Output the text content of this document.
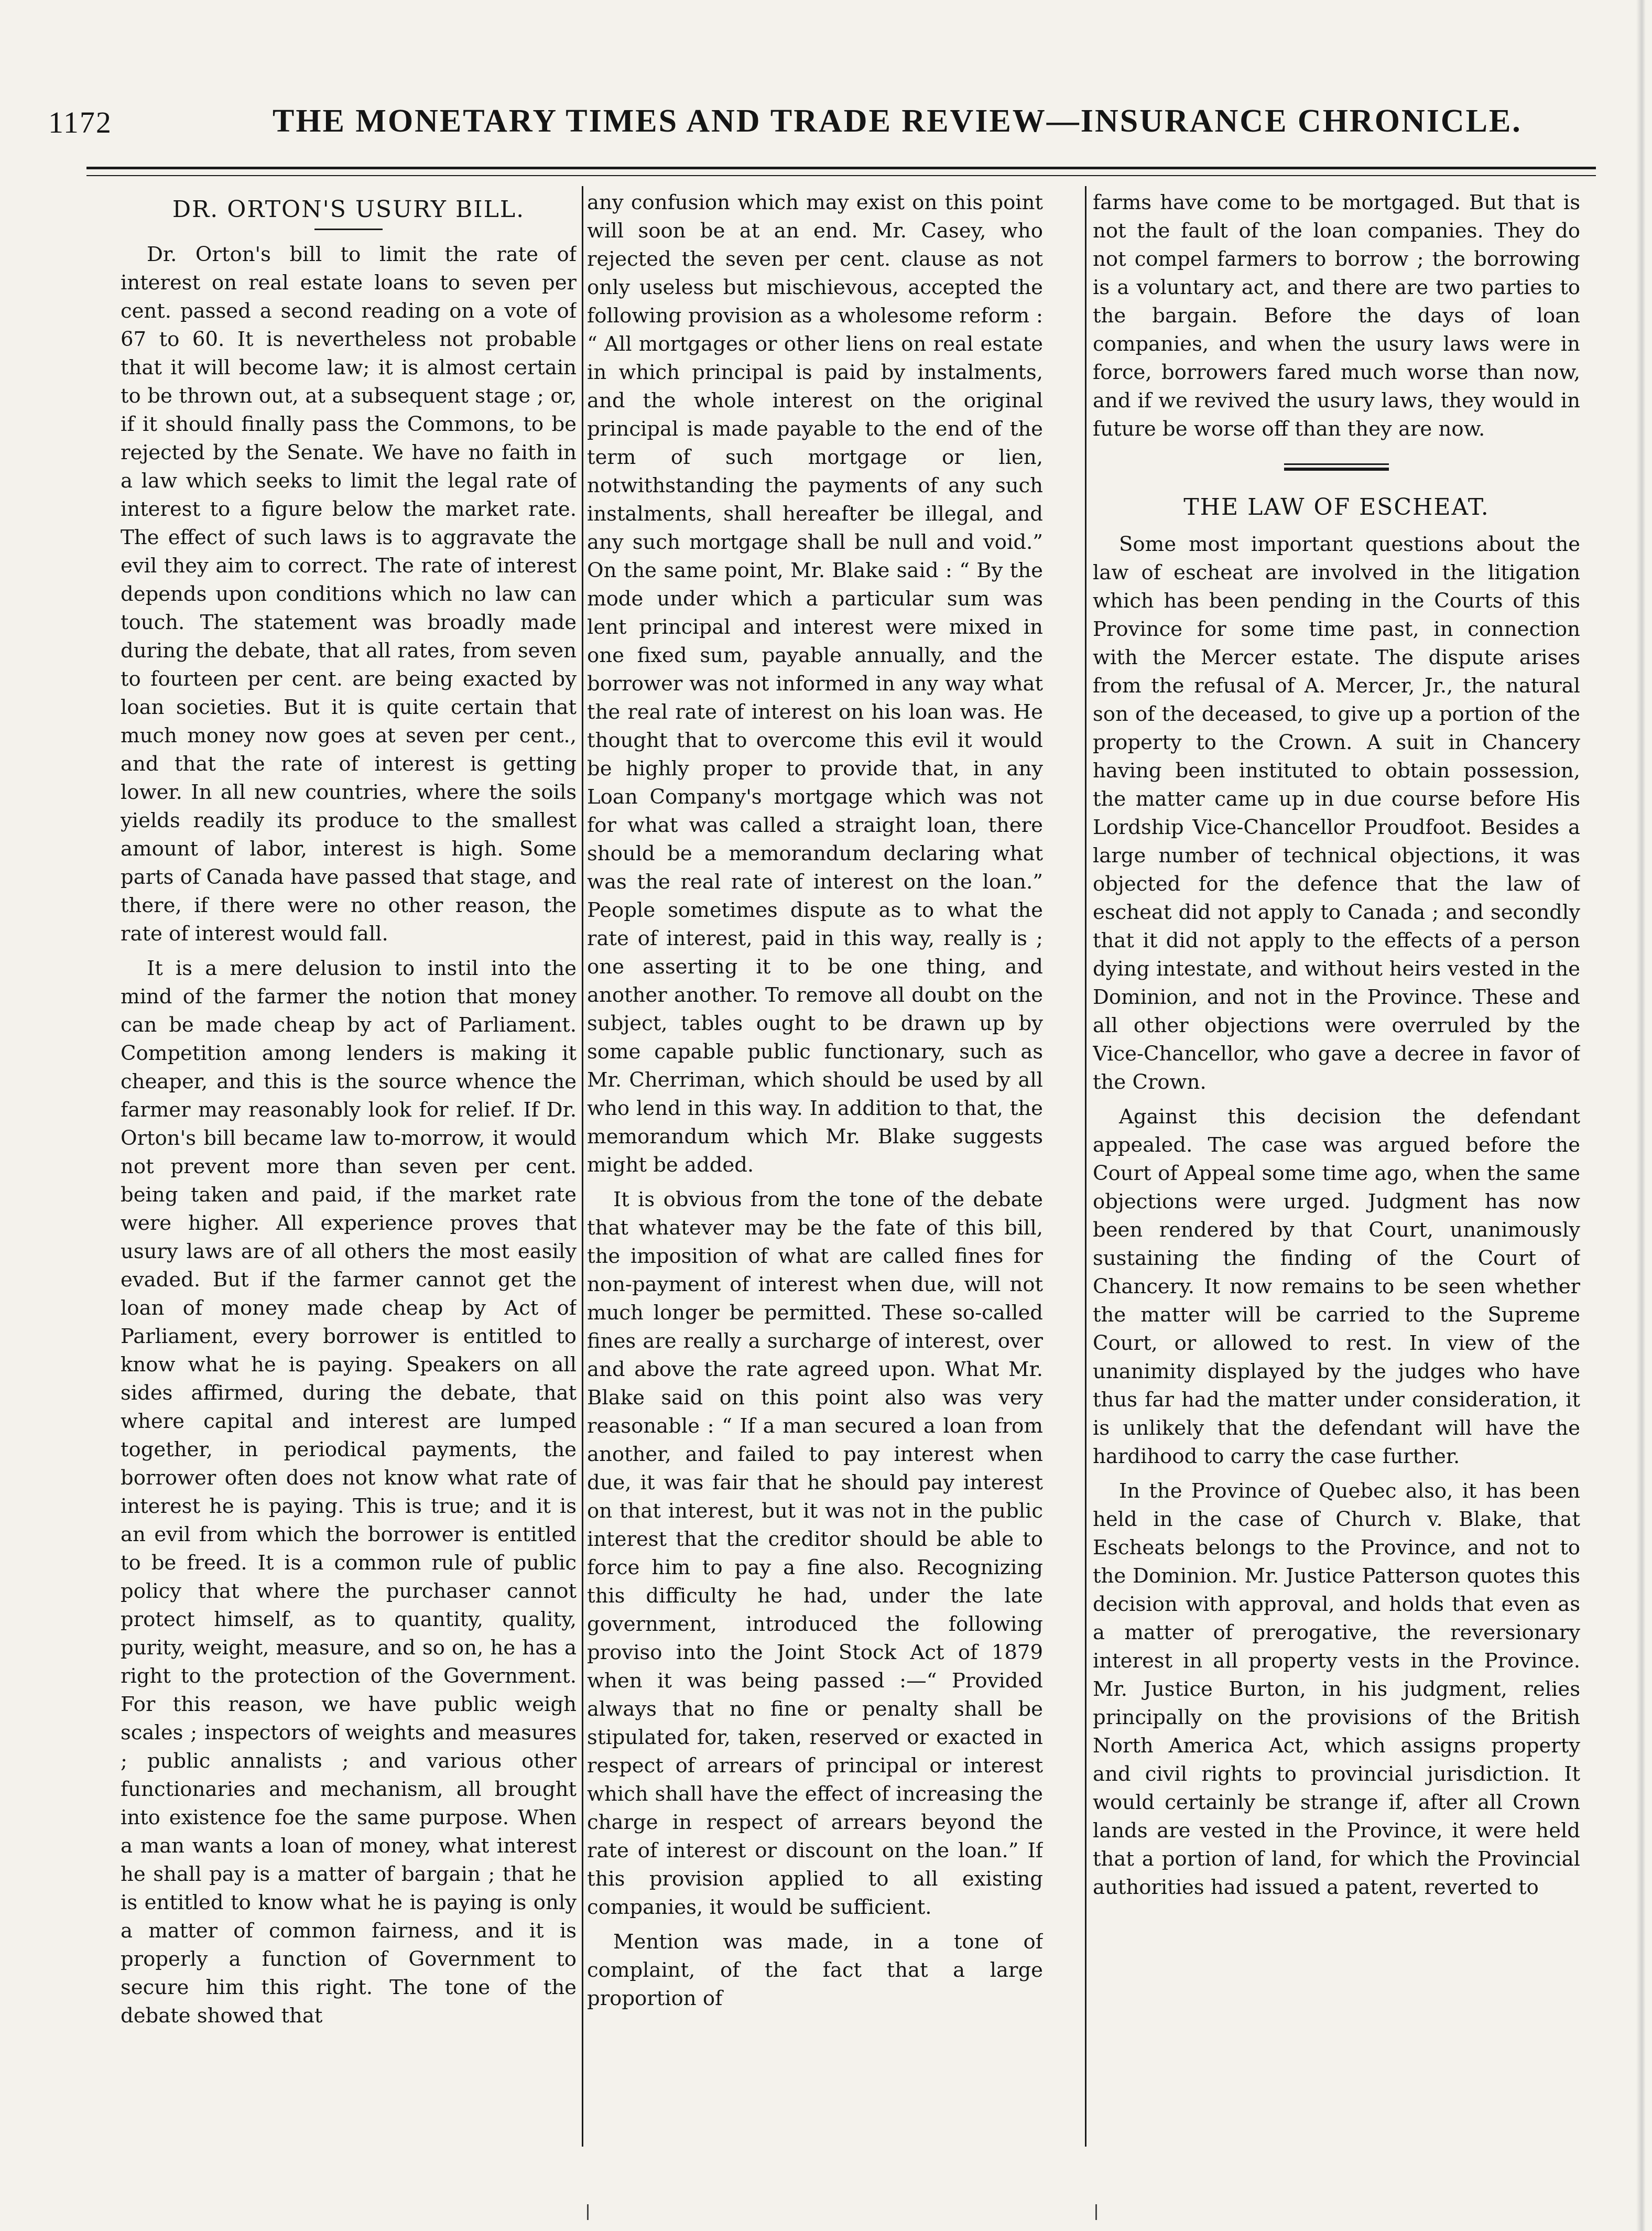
1172	THE MONETARY TIMES AND TRADE REVIEW—INSURANCE CHRONICLE.
DR. ORTON'S USURY BILL.

Dr. Orton's bill to limit the rate of interest on real estate loans to seven per cent. passed a second reading on a vote of 67 to 60. It is nevertheless not probable that it will become law; it is almost certain to be thrown out, at a subsequent stage ; or, if it should finally pass the Commons, to be rejected by the Senate. We have no faith in a law which seeks to limit the legal rate of interest to a figure below the market rate. The effect of such laws is to aggravate the evil they aim to correct. The rate of interest depends upon conditions which no law can touch. The statement was broadly made during the debate, that all rates, from seven to fourteen per cent. are being exacted by loan societies. But it is quite certain that much money now goes at seven per cent., and that the rate of interest is getting lower. In all new countries, where the soils yields readily its produce to the smallest amount of labor, interest is high. Some parts of Canada have passed that stage, and there, if there were no other reason, the rate of interest would fall.

It is a mere delusion to instil into the mind of the farmer the notion that money can be made cheap by act of Parliament. Competition among lenders is making it cheaper, and this is the source whence the farmer may reasonably look for relief. If Dr. Orton's bill became law to-morrow, it would not prevent more than seven per cent. being taken and paid, if the market rate were higher. All experience proves that usury laws are of all others the most easily evaded. But if the farmer cannot get the loan of money made cheap by Act of Parliament, every borrower is entitled to know what he is paying. Speakers on all sides affirmed, during the debate, that where capital and interest are lumped together, in periodical payments, the borrower often does not know what rate of interest he is paying. This is true; and it is an evil from which the borrower is entitled to be freed. It is a common rule of public policy that where the purchaser cannot protect himself, as to quantity, quality, purity, weight, measure, and so on, he has a right to the protection of the Government. For this reason, we have public weigh scales ; inspectors of weights and measures ; public annalists ; and various other functionaries and mechanism, all brought into existence foe the same purpose. When a man wants a loan of money, what interest he shall pay is a matter of bargain ; that he is entitled to know what he is paying is only a matter of common fairness, and it is properly a function of Government to secure him this right. The tone of the debate showed that

any confusion which may exist on this point will soon be at an end. Mr. Casey, who rejected the seven per cent. clause as not only useless but mischievous, accepted the following provision as a wholesome reform : “ All mortgages or other liens on real estate in which principal is paid by instalments, and the whole interest on the original principal is made payable to the end of the term of such mortgage or lien, notwithstanding the payments of any such instalments, shall hereafter be illegal, and any such mortgage shall be null and void.” On the same point, Mr. Blake said : “ By the mode under which a particular sum was lent principal and interest were mixed in one fixed sum, payable annually, and the borrower was not informed in any way what the real rate of interest on his loan was. He thought that to overcome this evil it would be highly proper to provide that, in any Loan Company's mortgage which was not for what was called a straight loan, there should be a memorandum declaring what was the real rate of interest on the loan.” People sometimes dispute as to what the rate of interest, paid in this way, really is ; one asserting it to be one thing, and another another. To remove all doubt on the subject, tables ought to be drawn up by some capable public functionary, such as Mr. Cherriman, which should be used by all who lend in this way. In addition to that, the memorandum which Mr. Blake suggests might be added.

It is obvious from the tone of the debate that whatever may be the fate of this bill, the imposition of what are called fines for non-payment of interest when due, will not much longer be permitted. These so-called fines are really a surcharge of interest, over and above the rate agreed upon. What Mr. Blake said on this point also was very reasonable : “ If a man secured a loan from another, and failed to pay interest when due, it was fair that he should pay interest on that interest, but it was not in the public interest that the creditor should be able to force him to pay a fine also. Recognizing this difficulty he had, under the late government, introduced the following proviso into the Joint Stock Act of 1879 when it was being passed :—“ Provided always that no fine or penalty shall be stipulated for, taken, reserved or exacted in respect of arrears of principal or interest which shall have the effect of increasing the charge in respect of arrears beyond the rate of interest or discount on the loan.” If this provision applied to all existing companies, it would be sufficient.

Mention was made, in a tone of complaint, of the fact that a large proportion of

farms have come to be mortgaged. But that is not the fault of the loan companies. They do not compel farmers to borrow ; the borrowing is a voluntary act, and there are two parties to the bargain. Before the days of loan companies, and when the usury laws were in force, borrowers fared much worse than now, and if we revived the usury laws, they would in future be worse off than they are now.

THE LAW OF ESCHEAT.

Some most important questions about the law of escheat are involved in the litigation which has been pending in the Courts of this Province for some time past, in connection with the Mercer estate. The dispute arises from the refusal of A. Mercer, Jr., the natural son of the deceased, to give up a portion of the property to the Crown. A suit in Chancery having been instituted to obtain possession, the matter came up in due course before His Lordship Vice-Chancellor Proudfoot. Besides a large number of technical objections, it was objected for the defence that the law of escheat did not apply to Canada ; and secondly that it did not apply to the effects of a person dying intestate, and without heirs vested in the Dominion, and not in the Province. These and all other objections were overruled by the Vice-Chancellor, who gave a decree in favor of the Crown.

Against this decision the defendant appealed. The case was argued before the Court of Appeal some time ago, when the same objections were urged. Judgment has now been rendered by that Court, unanimously sustaining the finding of the Court of Chancery. It now remains to be seen whether the matter will be carried to the Supreme Court, or allowed to rest. In view of the unanimity displayed by the judges who have thus far had the matter under consideration, it is unlikely that the defendant will have the hardihood to carry the case further.

In the Province of Quebec also, it has been held in the case of Church v. Blake, that Escheats belongs to the Province, and not to the Dominion. Mr. Justice Patterson quotes this decision with approval, and holds that even as a matter of prerogative, the reversionary interest in all property vests in the Province. Mr. Justice Burton, in his judgment, relies principally on the provisions of the British North America Act, which assigns property and civil rights to provincial jurisdiction. It would certainly be strange if, after all Crown lands are vested in the Province, it were held that a portion of land, for which the Provincial authorities had issued a patent, reverted to
